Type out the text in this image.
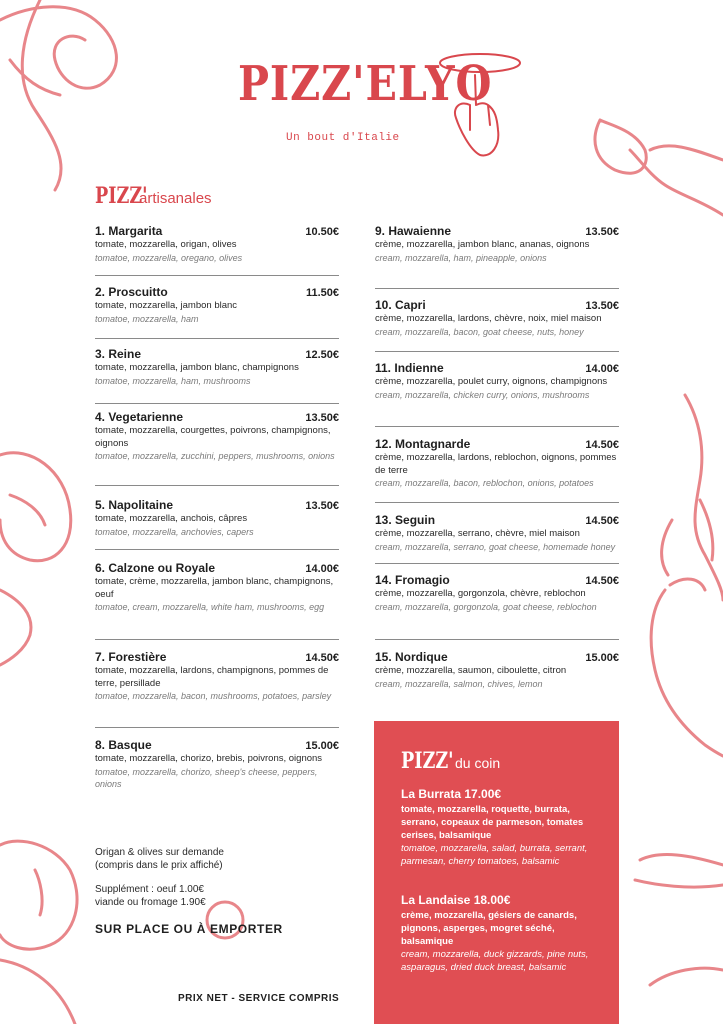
PIZZ'ELYO
Un bout d'Italie
PIZZ'
artisanales
1. Margarita	10.50€
tomate, mozzarella, origan, olives
tomatoe, mozzarella, oregano, olives
2. Proscuitto	11.50€
tomate, mozzarella, jambon blanc
tomatoe, mozzarella, ham
3. Reine	12.50€
tomate, mozzarella, jambon blanc, champignons
tomatoe, mozzarella, ham, mushrooms
4. Vegetarienne	13.50€
tomate, mozzarella, courgettes, poivrons, champignons, oignons
tomatoe, mozzarella, zucchini, peppers, mushrooms, onions
5. Napolitaine	13.50€
tomate, mozzarella, anchois, câpres
tomatoe, mozzarella, anchovies, capers
6. Calzone ou Royale	14.00€
tomate, crème, mozzarella, jambon blanc, champignons, oeuf
tomatoe, cream, mozzarella, white ham, mushrooms, egg
7. Forestière	14.50€
tomate, mozzarella, lardons, champignons, pommes de terre, persillade
tomatoe, mozzarella, bacon, mushrooms, potatoes, parsley
8. Basque	15.00€
tomate, mozzarella, chorizo, brebis, poivrons, oignons
tomatoe, mozzarella, chorizo, sheep's cheese, peppers, onions
9. Hawaienne	13.50€
crème, mozzarella, jambon blanc, ananas, oignons
cream, mozzarella, ham, pineapple, onions
10. Capri	13.50€
crème, mozzarella, lardons, chèvre, noix, miel maison
cream, mozzarella, bacon, goat cheese, nuts, honey
11. Indienne	14.00€
crème, mozzarella, poulet curry, oignons, champignons
cream, mozzarella, chicken curry, onions, mushrooms
12. Montagnarde	14.50€
crème, mozzarella, lardons, reblochon, oignons, pommes de terre
cream, mozzarella, bacon, reblochon, onions, potatoes
13. Seguin	14.50€
crème, mozzarella, serrano, chèvre, miel maison
cream, mozzarella, serrano, goat cheese, homemade honey
14. Fromagio	14.50€
crème, mozzarella, gorgonzola, chèvre, reblochon
cream, mozzarella, gorgonzola, goat cheese, reblochon
15. Nordique	15.00€
crème, mozzarella, saumon, ciboulette, citron
cream, mozzarella, salmon, chives, lemon
Origan & olives sur demande
(compris dans le prix affiché)
Supplément : oeuf 1.00€
viande ou fromage 1.90€
SUR PLACE OU À EMPORTER
PRIX NET - SERVICE COMPRIS
PIZZ' du coin
La Burrata 17.00€
tomate, mozzarella, roquette, burrata, serrano, copeaux de parmeson, tomates cerises, balsamique
tomatoe, mozzarella, salad, burrata, serrant, parmesan, cherry tomatoes, balsamic
La Landaise 18.00€
crème, mozzarella, gésiers de canards, pignons, asperges, mogret séché, balsamique
cream, mozzarella, duck gizzards, pine nuts, asparagus, dried duck breast, balsamic
